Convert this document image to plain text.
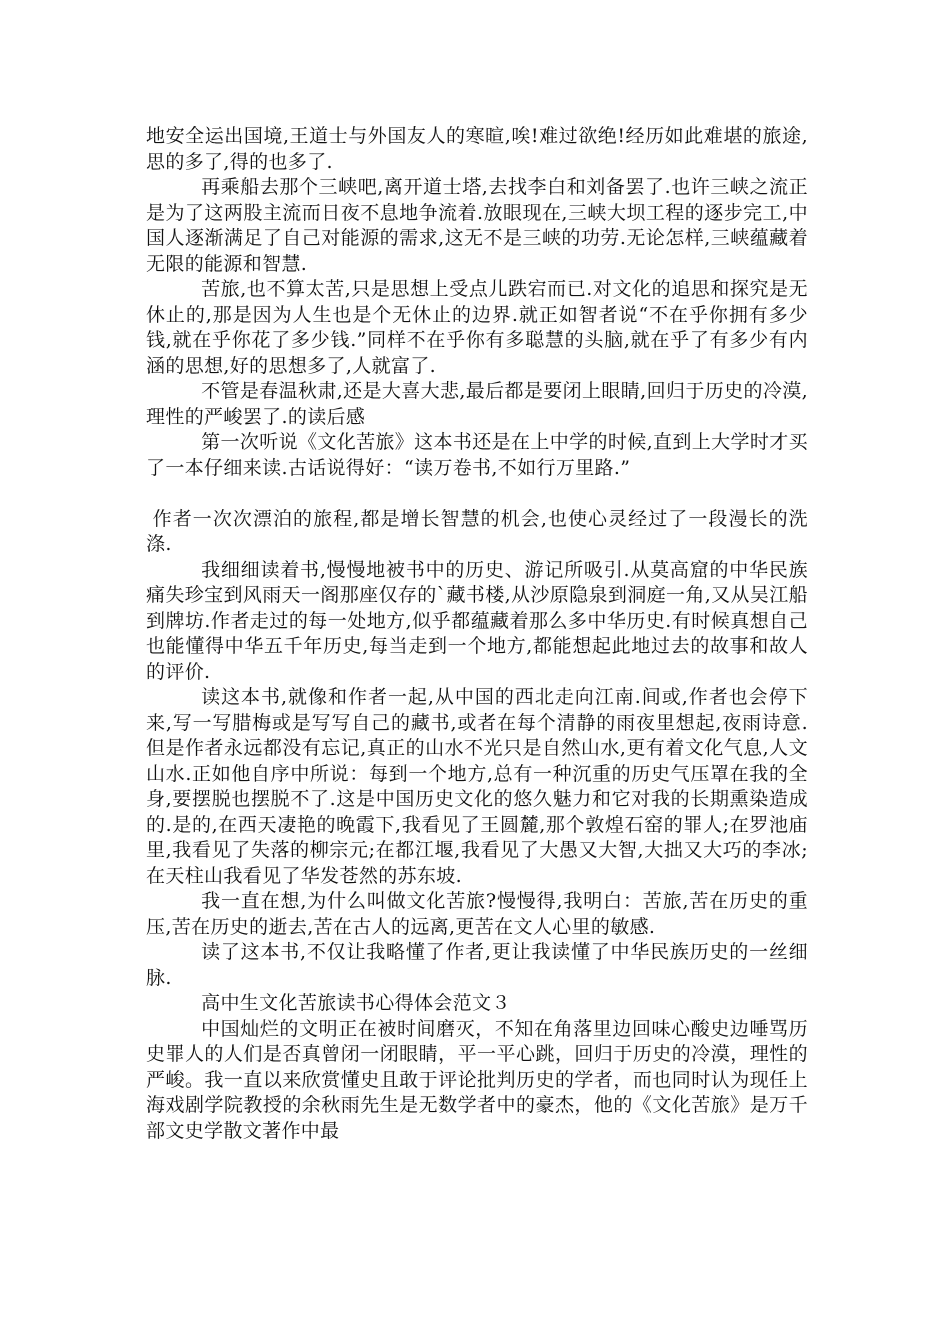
地安全运出国境,王道士与外国友人的寒暄,唉!难过欲绝!经历如此难堪的旅途,思的多了,得的也多了.

再乘船去那个三峡吧,离开道士塔,去找李白和刘备罢了.也许三峡之流正是为了这两股主流而日夜不息地争流着.放眼现在,三峡大坝工程的逐步完工,中国人逐渐满足了自己对能源的需求,这无不是三峡的功劳.无论怎样,三峡蕴藏着无限的能源和智慧.

苦旅,也不算太苦,只是思想上受点儿跌宕而已.对文化的追思和探究是无休止的,那是因为人生也是个无休止的边界.就正如智者说“不在乎你拥有多少钱,就在乎你花了多少钱.”同样不在乎你有多聪慧的头脑,就在乎了有多少有内涵的思想,好的思想多了,人就富了.

不管是春温秋肃,还是大喜大悲,最后都是要闭上眼睛,回归于历史的冷漠,理性的严峻罢了.的读后感

第一次听说《文化苦旅》这本书还是在上中学的时候,直到上大学时才买了一本仔细来读.古话说得好：“读万卷书,不如行万里路.”

作者一次次漂泊的旅程,都是增长智慧的机会,也使心灵经过了一段漫长的洗涤.

我细细读着书,慢慢地被书中的历史、游记所吸引.从莫高窟的中华民族痛失珍宝到风雨天一阁那座仅存的`藏书楼,从沙原隐泉到洞庭一角,又从吴江船到牌坊.作者走过的每一处地方,似乎都蕴藏着那么多中华历史.有时候真想自己也能懂得中华五千年历史,每当走到一个地方,都能想起此地过去的故事和故人的评价.

读这本书,就像和作者一起,从中国的西北走向江南.间或,作者也会停下来,写一写腊梅或是写写自己的藏书,或者在每个清静的雨夜里想起,夜雨诗意.但是作者永远都没有忘记,真正的山水不光只是自然山水,更有着文化气息,人文山水.正如他自序中所说：每到一个地方,总有一种沉重的历史气压罩在我的全身,要摆脱也摆脱不了.这是中国历史文化的悠久魅力和它对我的长期熏染造成的.是的,在西天凄艳的晚霞下,我看见了王圆麓,那个敦煌石窑的罪人;在罗池庙里,我看见了失落的柳宗元;在都江堰,我看见了大愚又大智,大拙又大巧的李冰;在天柱山我看见了华发苍然的苏东坡.

我一直在想,为什么叫做文化苦旅?慢慢得,我明白：苦旅,苦在历史的重压,苦在历史的逝去,苦在古人的远离,更苦在文人心里的敏感.

读了这本书,不仅让我略懂了作者,更让我读懂了中华民族历史的一丝细脉.

高中生文化苦旅读书心得体会范文３

中国灿烂的文明正在被时间磨灭，不知在角落里边回味心酸史边唾骂历史罪人的人们是否真曾闭一闭眼睛，平一平心跳，回归于历史的冷漠，理性的严峻。我一直以来欣赏懂史且敢于评论批判历史的学者，而也同时认为现任上海戏剧学院教授的余秋雨先生是无数学者中的豪杰，他的《文化苦旅》是万千部文史学散文著作中最
